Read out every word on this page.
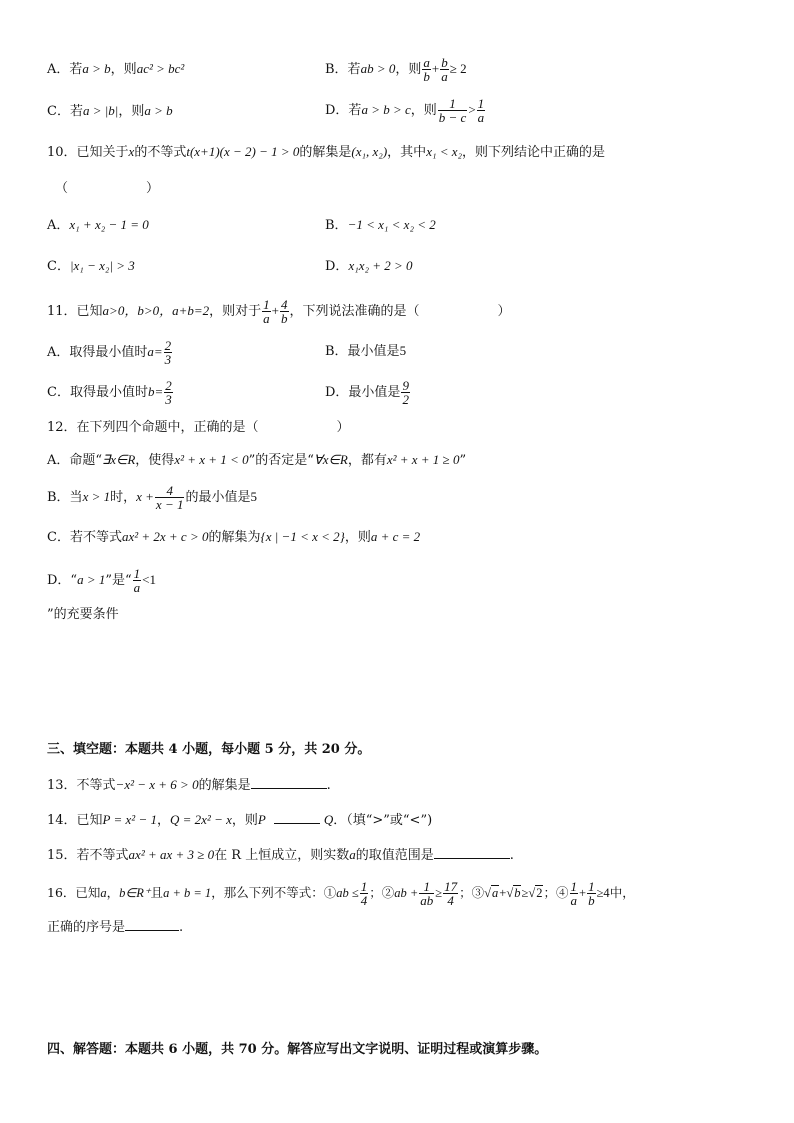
A．若a > b，则ac² > bc²	B．若ab > 0，则 $\frac{a}{b} + \frac{b}{a} \ge 2$
C．若a > |b|，则a > b	D．若a > b > c，则 $\frac{1}{b - c} > \frac{1}{a}$
10．已知关于x的不等式t(x+1)(x − 2) − 1 > 0的解集是(x₁, x₂)，其中x₁ < x₂，则下列结论中正确的是
（　　　　　　）
A．x₁ + x₂ − 1 = 0	B．−1 < x₁ < x₂ < 2
C．|x₁ − x₂| > 3	D．x₁x₂ + 2 > 0
11．已知a>0，b>0，a+b=2，则对于 $\frac{1}{a} + \frac{4}{b}$ ，下列说法准确的是（　　　　　　）
A．取得最小值时$a= \frac{2}{3}$	B．最小值是5
C．取得最小值时$b= \frac{2}{3}$	D．最小值是 $\frac{9}{2}$
12．在下列四个命题中，正确的是（　　　　　　）
A．命题“∃x∈R，使得x² + x + 1 < 0”的否定是“∀x∈R，都有x² + x + 1 ≥ 0”
B．当x > 1时，$x + \frac{4}{x - 1}$ 的最小值是5
C．若不等式ax² + 2x + c > 0的解集为{x | −1 < x < 2}，则a + c = 2
D．“a > 1”是“ $\frac{1}{a} <1$
”的充要条件
三、填空题：本题共 4 小题，每小题 5 分，共 20 分。
13．不等式−x² − x + 6 > 0的解集是	.
14．已知P = x² − 1，Q = 2x² − x，则P	Q．（填“>”或“<”)
15．若不等式ax² + ax + 3 ≥ 0在 R 上恒成立，则实数a的取值范围是	.
16．已知a，b∈R⁺且a + b = 1，那么下列不等式：①ab ≤ $\frac{1}{4}$ ；②ab + $\frac{1}{ab} \ge \frac{17}{4}$ ；③√a+√b≥√2；④ $\frac{1}{a} + \frac{1}{b} \ge 4$中，
正确的序号是	.
四、解答题：本题共 6 小题，共 70 分。解答应写出文字说明、证明过程或演算步骤。
